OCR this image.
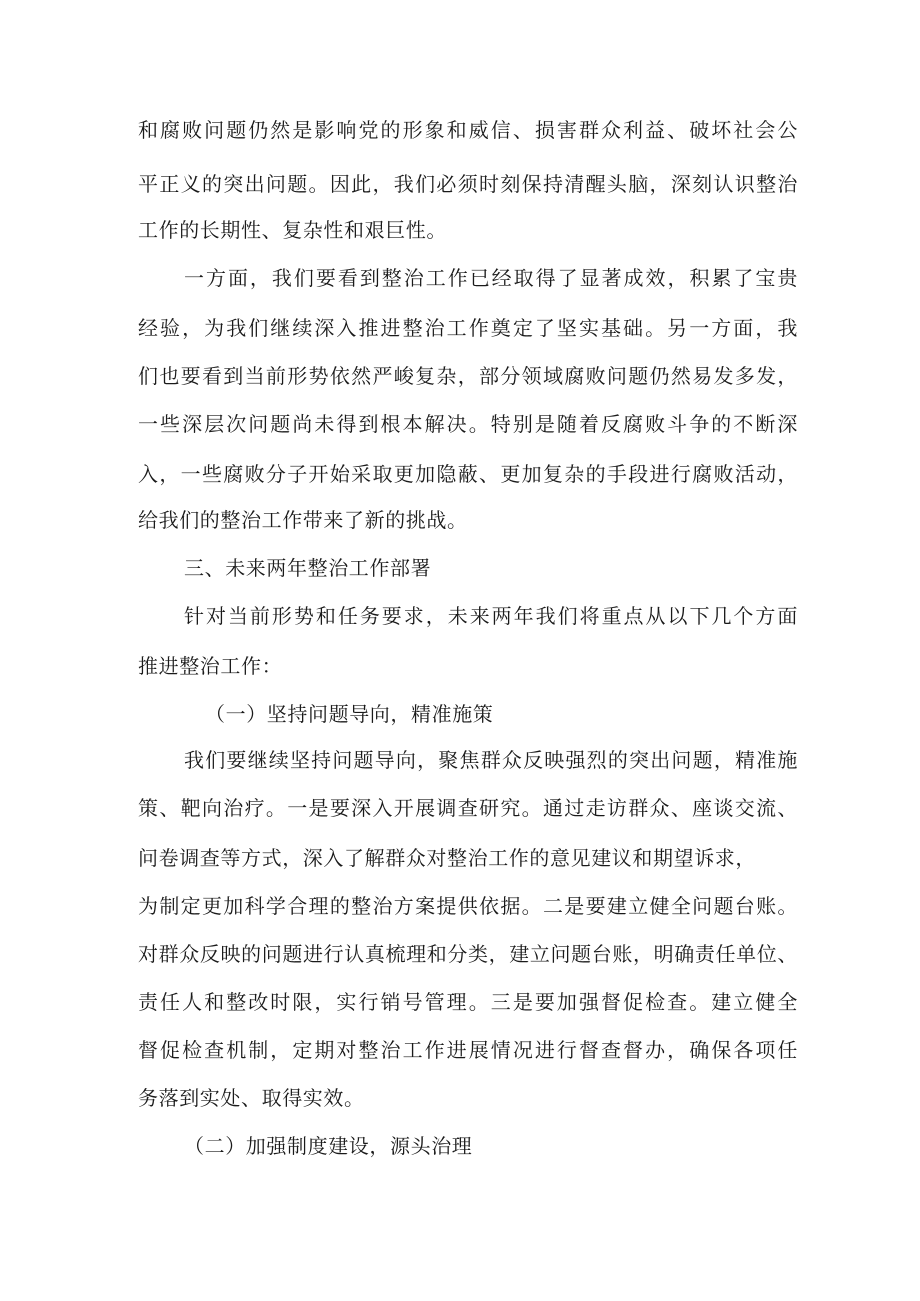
和腐败问题仍然是影响党的形象和威信、损害群众利益、破坏社会公
平正义的突出问题。因此，我们必须时刻保持清醒头脑，深刻认识整治
工作的长期性、复杂性和艰巨性。
一方面，我们要看到整治工作已经取得了显著成效，积累了宝贵
经验，为我们继续深入推进整治工作奠定了坚实基础。另一方面，我
们也要看到当前形势依然严峻复杂，部分领域腐败问题仍然易发多发，
一些深层次问题尚未得到根本解决。特别是随着反腐败斗争的不断深
入，一些腐败分子开始采取更加隐蔽、更加复杂的手段进行腐败活动，
给我们的整治工作带来了新的挑战。
三、未来两年整治工作部署
针对当前形势和任务要求，未来两年我们将重点从以下几个方面
推进整治工作：
（一）坚持问题导向，精准施策
我们要继续坚持问题导向，聚焦群众反映强烈的突出问题，精准施
策、靶向治疗。一是要深入开展调查研究。通过走访群众、座谈交流、
问卷调查等方式，深入了解群众对整治工作的意见建议和期望诉求，
为制定更加科学合理的整治方案提供依据。二是要建立健全问题台账。
对群众反映的问题进行认真梳理和分类，建立问题台账，明确责任单位、
责任人和整改时限，实行销号管理。三是要加强督促检查。建立健全
督促检查机制，定期对整治工作进展情况进行督查督办，确保各项任
务落到实处、取得实效。
（二）加强制度建设，源头治理
